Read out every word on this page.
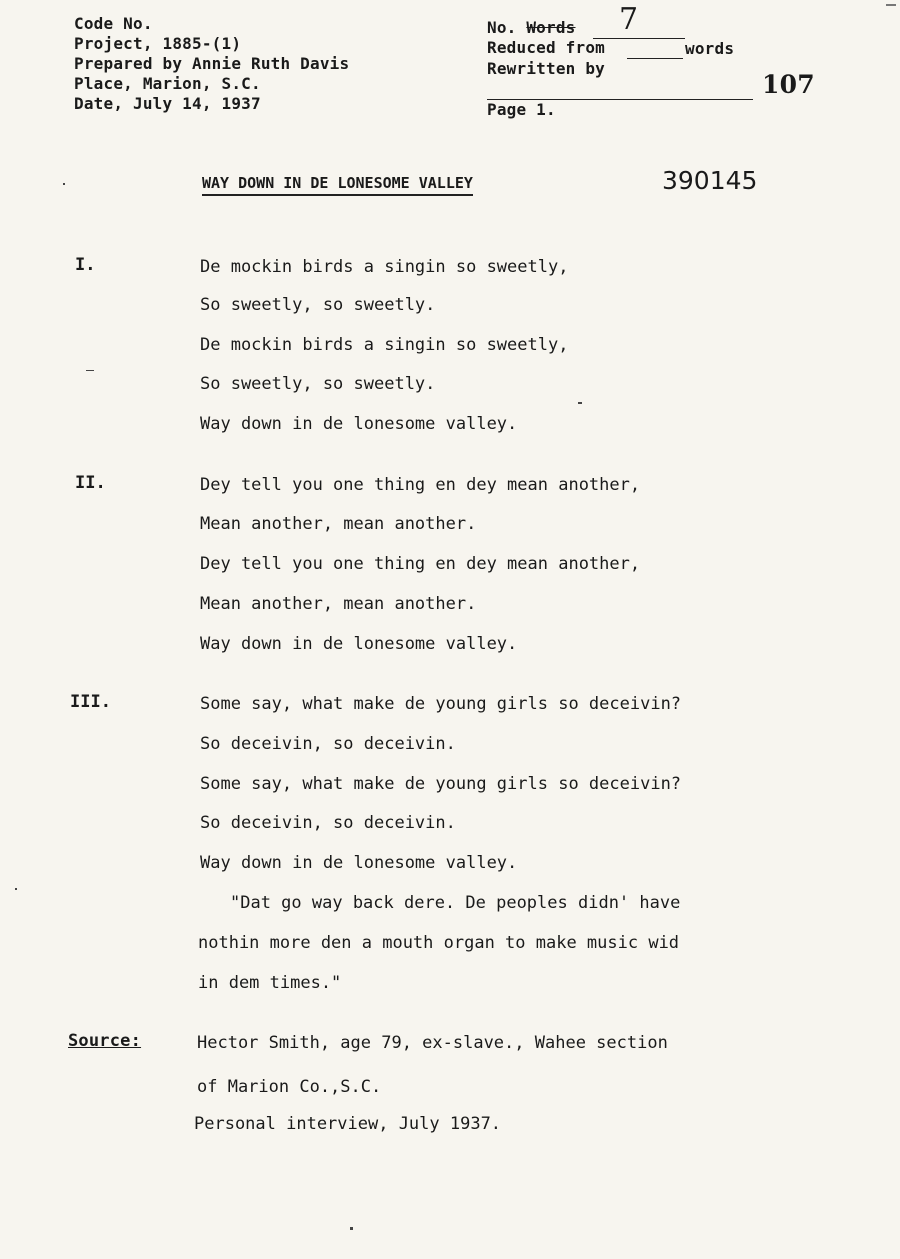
Code No.
Project, 1885-(1)
Prepared by Annie Ruth Davis
Place, Marion, S.C.
Date, July 14, 1937
No. Words 7
Reduced from	words
Rewritten by
Page 1.
107
WAY DOWN IN DE LONESOME VALLEY	390145
I.	De mockin birds a singin so sweetly,
So sweetly, so sweetly.
De mockin birds a singin so sweetly,
So sweetly, so sweetly.
Way down in de lonesome valley.
II.	Dey tell you one thing en dey mean another,
Mean another, mean another.
Dey tell you one thing en dey mean another,
Mean another, mean another.
Way down in de lonesome valley.
III.	Some say, what make de young girls so deceivin?
So deceivin, so deceivin.
Some say, what make de young girls so deceivin?
So deceivin, so deceivin.
Way down in de lonesome valley.
"Dat go way back dere. De peoples didn' have
nothin more den a mouth organ to make music wid
in dem times."
Source:	Hector Smith, age 79, ex-slave., Wahee section
of Marion Co.,S.C.
Personal interview, July 1937.
